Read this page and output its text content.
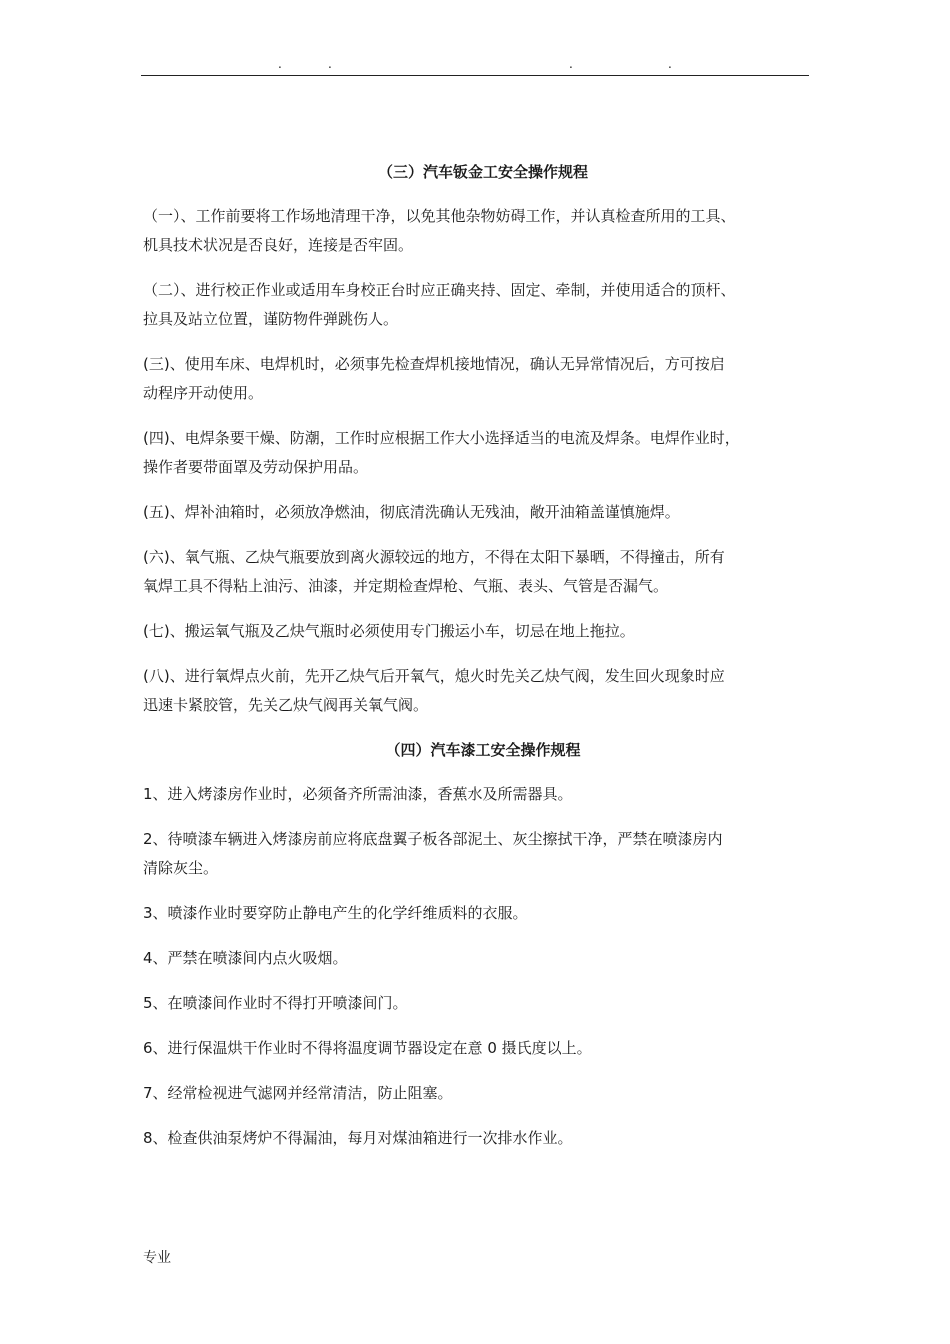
.	.	.	.
（三）汽车钣金工安全操作规程
（一）、工作前要将工作场地清理干净，以免其他杂物妨碍工作，并认真检查所用的工具、
机具技术状况是否良好，连接是否牢固。
（二）、进行校正作业或适用车身校正台时应正确夹持、固定、牵制，并使用适合的顶杆、
拉具及站立位置，谨防物件弹跳伤人。
(三)、使用车床、电焊机时，必须事先检查焊机接地情况，确认无异常情况后，方可按启
动程序开动使用。
(四)、电焊条要干燥、防潮，工作时应根据工作大小选择适当的电流及焊条。电焊作业时，
操作者要带面罩及劳动保护用品。
(五)、焊补油箱时，必须放净燃油，彻底清洗确认无残油，敞开油箱盖谨慎施焊。
(六)、氧气瓶、乙炔气瓶要放到离火源较远的地方，不得在太阳下暴晒，不得撞击，所有
氧焊工具不得粘上油污、油漆，并定期检查焊枪、气瓶、表头、气管是否漏气。
(七)、搬运氧气瓶及乙炔气瓶时必须使用专门搬运小车，切忌在地上拖拉。
(八)、进行氧焊点火前，先开乙炔气后开氧气，熄火时先关乙炔气阀，发生回火现象时应
迅速卡紧胶管，先关乙炔气阀再关氧气阀。
（四）汽车漆工安全操作规程
1、进入烤漆房作业时，必须备齐所需油漆，香蕉水及所需器具。
2、待喷漆车辆进入烤漆房前应将底盘翼子板各部泥土、灰尘擦拭干净，严禁在喷漆房内
清除灰尘。
3、喷漆作业时要穿防止静电产生的化学纤维质料的衣服。
4、严禁在喷漆间内点火吸烟。
5、在喷漆间作业时不得打开喷漆间门。
6、进行保温烘干作业时不得将温度调节器设定在意 0 摄氏度以上。
7、经常检视进气滤网并经常清洁，防止阻塞。
8、检查供油泵烤炉不得漏油，每月对煤油箱进行一次排水作业。
专业
